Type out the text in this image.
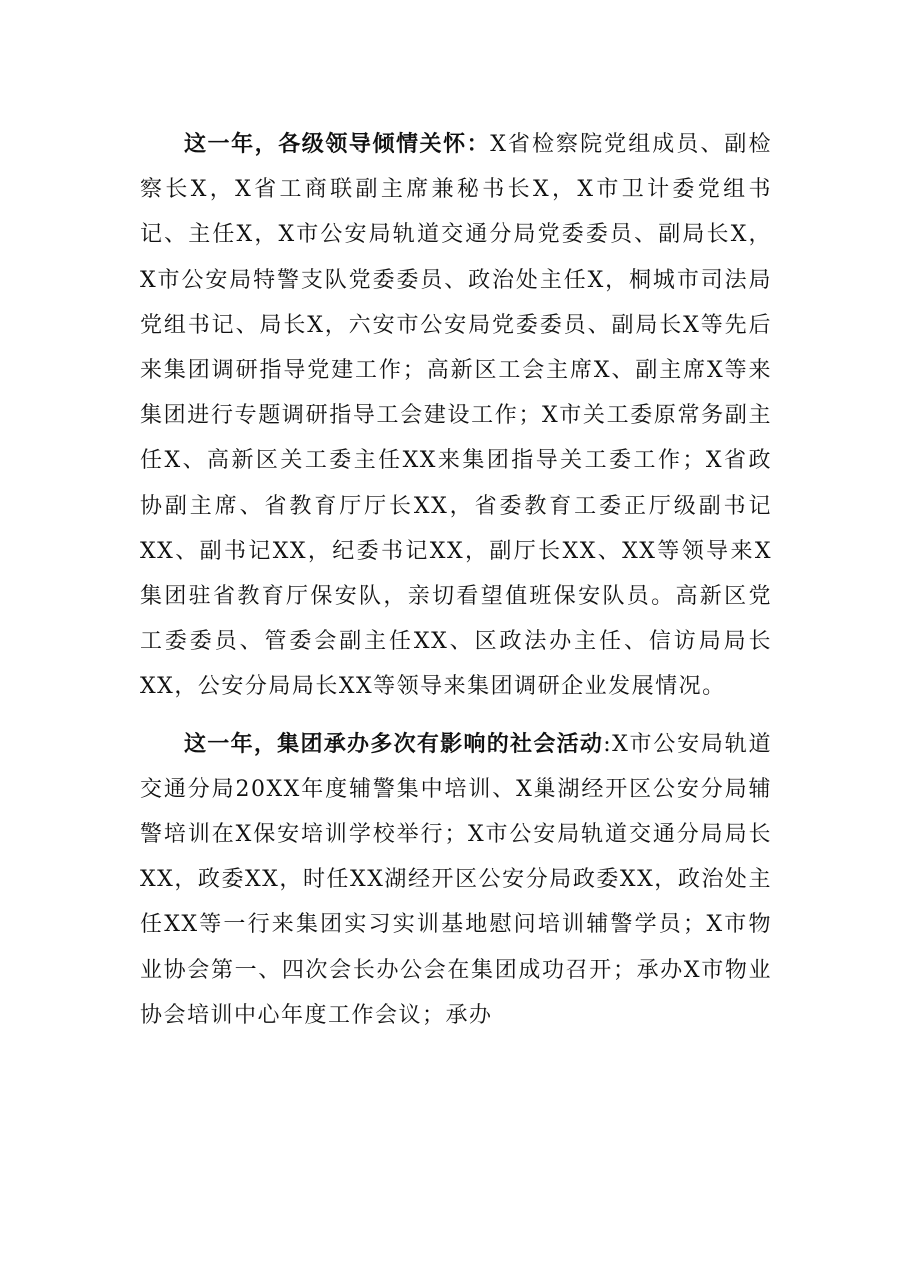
这一年，各级领导倾情关怀：X省检察院党组成员、副检察长X，X省工商联副主席兼秘书长X，X市卫计委党组书记、主任X，X市公安局轨道交通分局党委委员、副局长X，X市公安局特警支队党委委员、政治处主任X，桐城市司法局党组书记、局长X，六安市公安局党委委员、副局长X等先后来集团调研指导党建工作；高新区工会主席X、副主席X等来集团进行专题调研指导工会建设工作；X市关工委原常务副主任X、高新区关工委主任XX来集团指导关工委工作；X省政协副主席、省教育厅厅长XX，省委教育工委正厅级副书记XX、副书记XX，纪委书记XX，副厅长XX、XX等领导来X集团驻省教育厅保安队，亲切看望值班保安队员。高新区党工委委员、管委会副主任XX、区政法办主任、信访局局长XX，公安分局局长XX等领导来集团调研企业发展情况。

这一年，集团承办多次有影响的社会活动:X市公安局轨道交通分局20XX年度辅警集中培训、X巢湖经开区公安分局辅警培训在X保安培训学校举行；X市公安局轨道交通分局局长XX，政委XX，时任XX湖经开区公安分局政委XX，政治处主任XX等一行来集团实习实训基地慰问培训辅警学员；X市物业协会第一、四次会长办公会在集团成功召开；承办X市物业协会培训中心年度工作会议；承办
